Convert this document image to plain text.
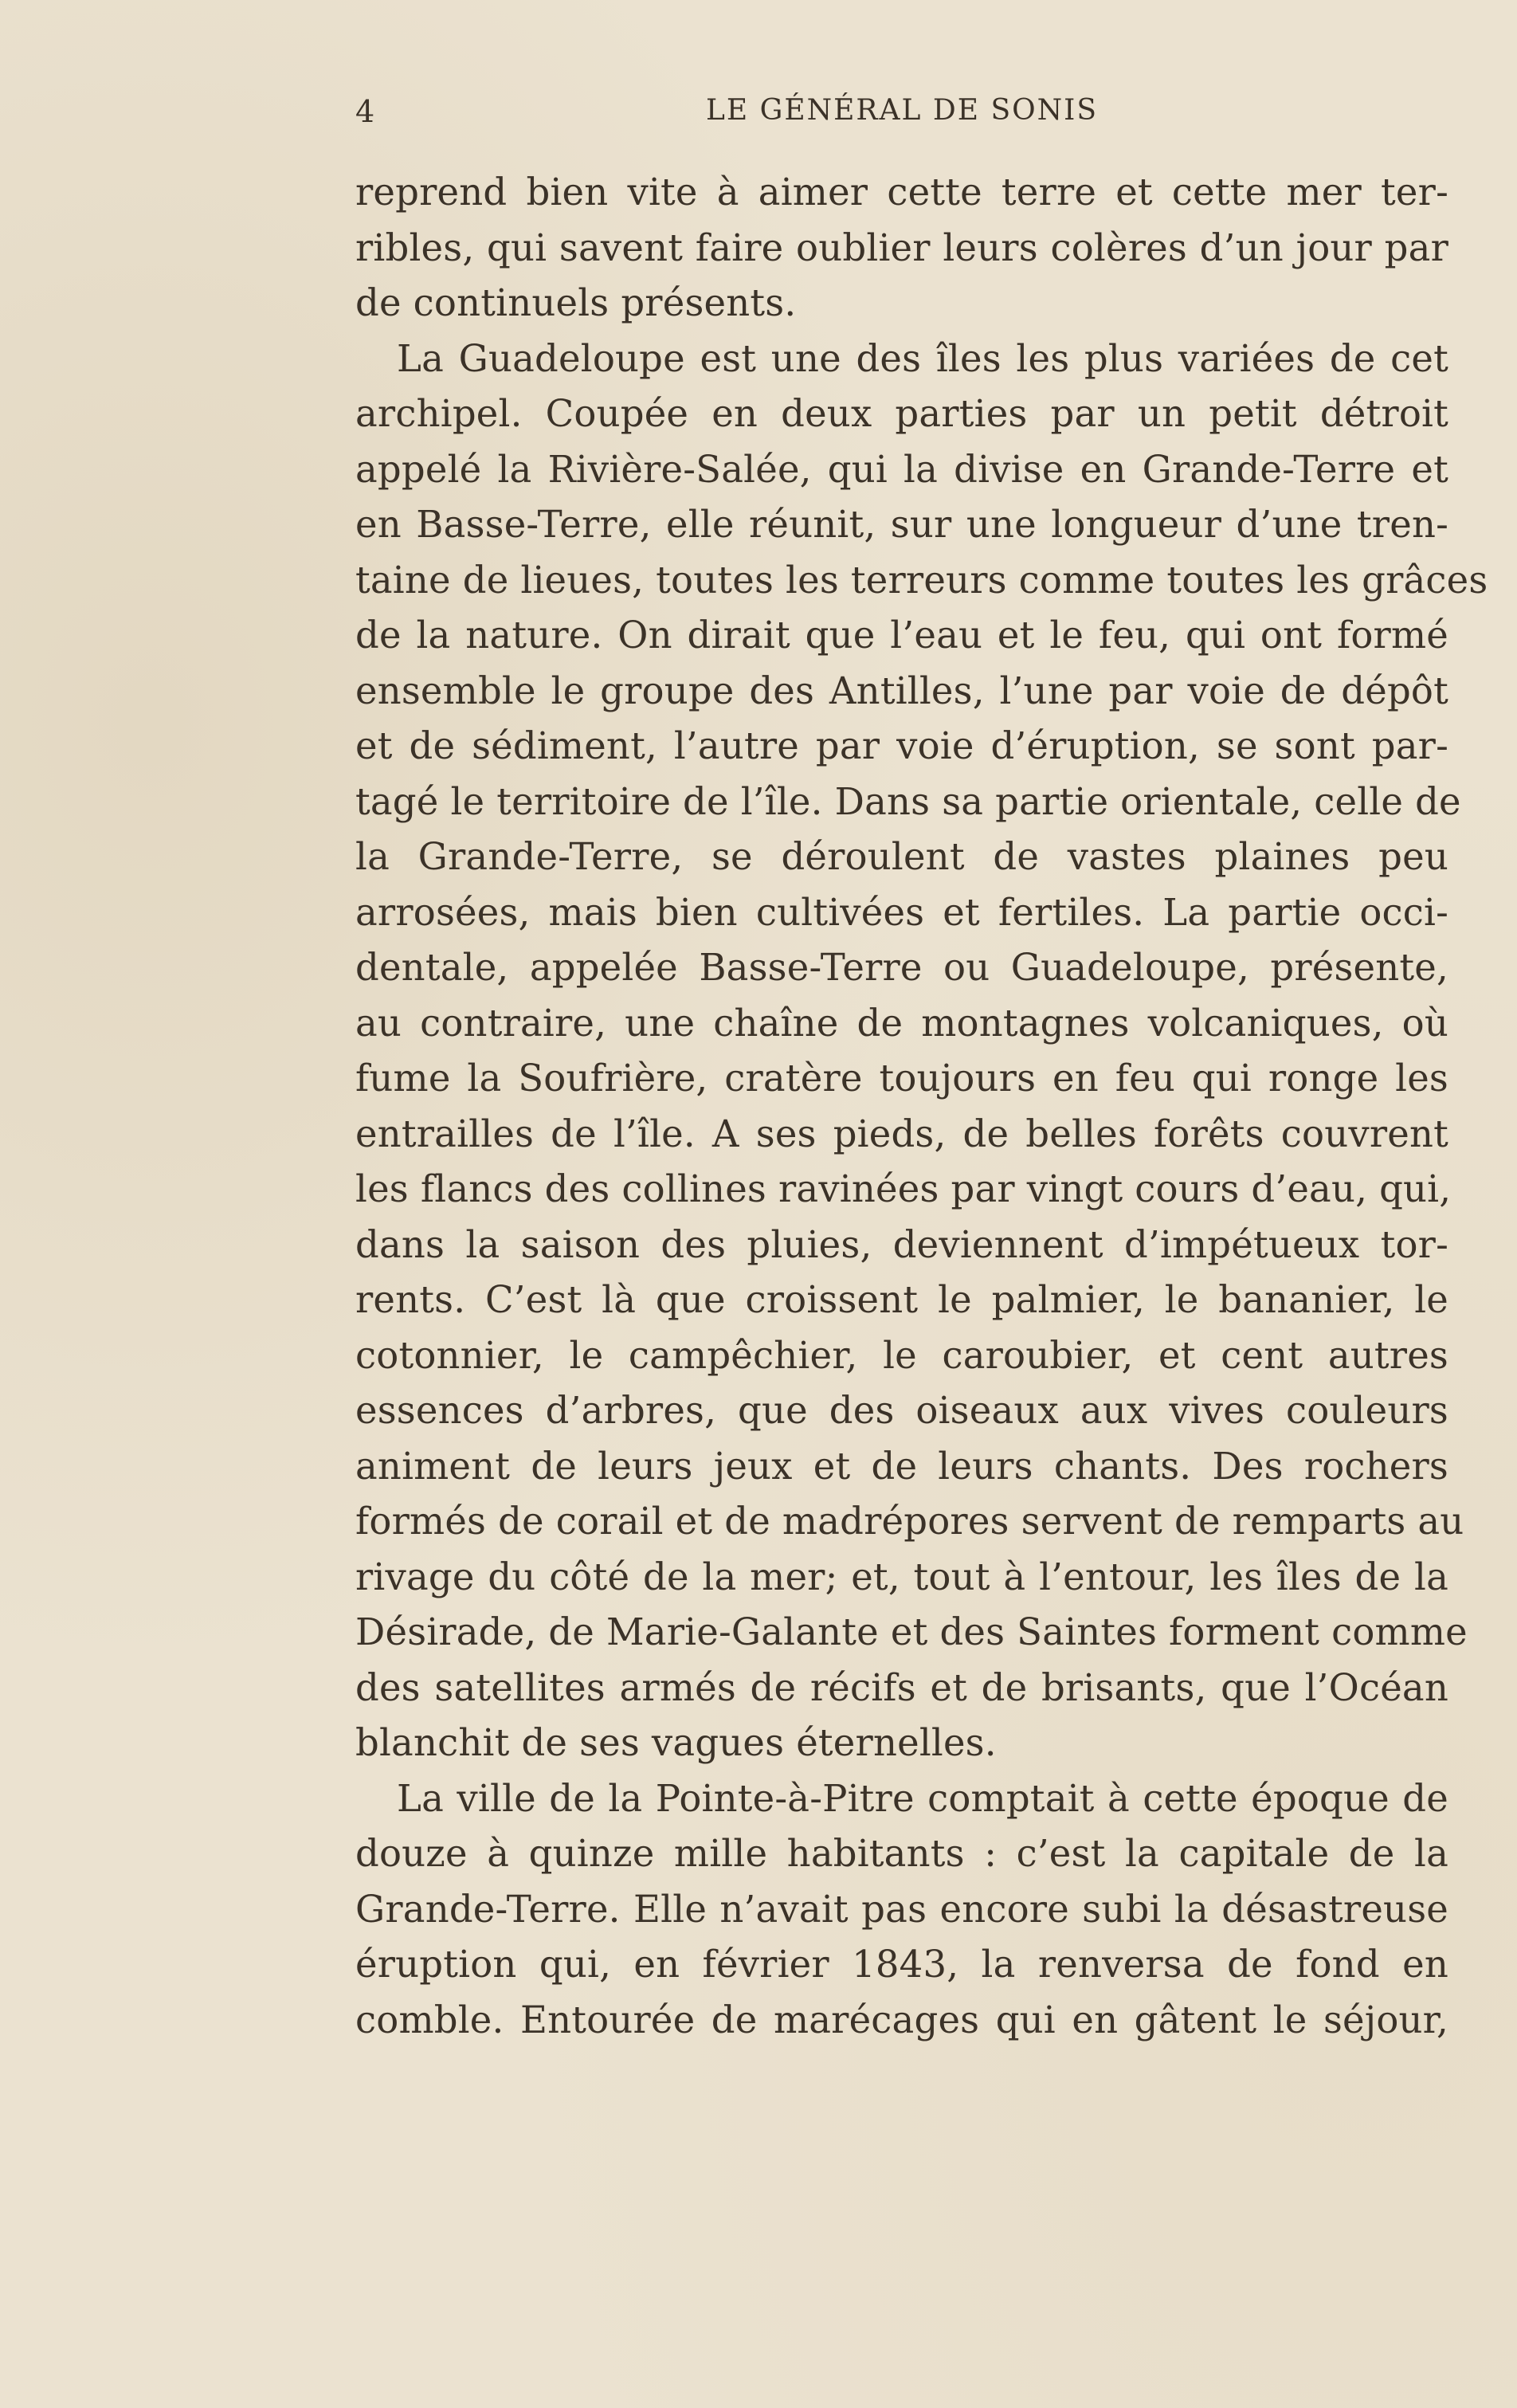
4	LE GÉNÉRAL DE SONIS
reprend bien vite à aimer cette terre et cette mer ter-
ribles, qui savent faire oublier leurs colères d’un jour par
de continuels présents.
La Guadeloupe est une des îles les plus variées de cet
archipel. Coupée en deux parties par un petit détroit
appelé la Rivière-Salée, qui la divise en Grande-Terre et
en Basse-Terre, elle réunit, sur une longueur d’une tren-
taine de lieues, toutes les terreurs comme toutes les grâces
de la nature. On dirait que l’eau et le feu, qui ont formé
ensemble le groupe des Antilles, l’une par voie de dépôt
et de sédiment, l’autre par voie d’éruption, se sont par-
tagé le territoire de l’île. Dans sa partie orientale, celle de
la Grande-Terre, se déroulent de vastes plaines peu
arrosées, mais bien cultivées et fertiles. La partie occi-
dentale, appelée Basse-Terre ou Guadeloupe, présente,
au contraire, une chaîne de montagnes volcaniques, où
fume la Soufrière, cratère toujours en feu qui ronge les
entrailles de l’île. A ses pieds, de belles forêts couvrent
les flancs des collines ravinées par vingt cours d’eau, qui,
dans la saison des pluies, deviennent d’impétueux tor-
rents. C’est là que croissent le palmier, le bananier, le
cotonnier, le campêchier, le caroubier, et cent autres
essences d’arbres, que des oiseaux aux vives couleurs
animent de leurs jeux et de leurs chants. Des rochers
formés de corail et de madrépores servent de remparts au
rivage du côté de la mer; et, tout à l’entour, les îles de la
Désirade, de Marie-Galante et des Saintes forment comme
des satellites armés de récifs et de brisants, que l’Océan
blanchit de ses vagues éternelles.
La ville de la Pointe-à-Pitre comptait à cette époque de
douze à quinze mille habitants : c’est la capitale de la
Grande-Terre. Elle n’avait pas encore subi la désastreuse
éruption qui, en février 1843, la renversa de fond en
comble. Entourée de marécages qui en gâtent le séjour,
